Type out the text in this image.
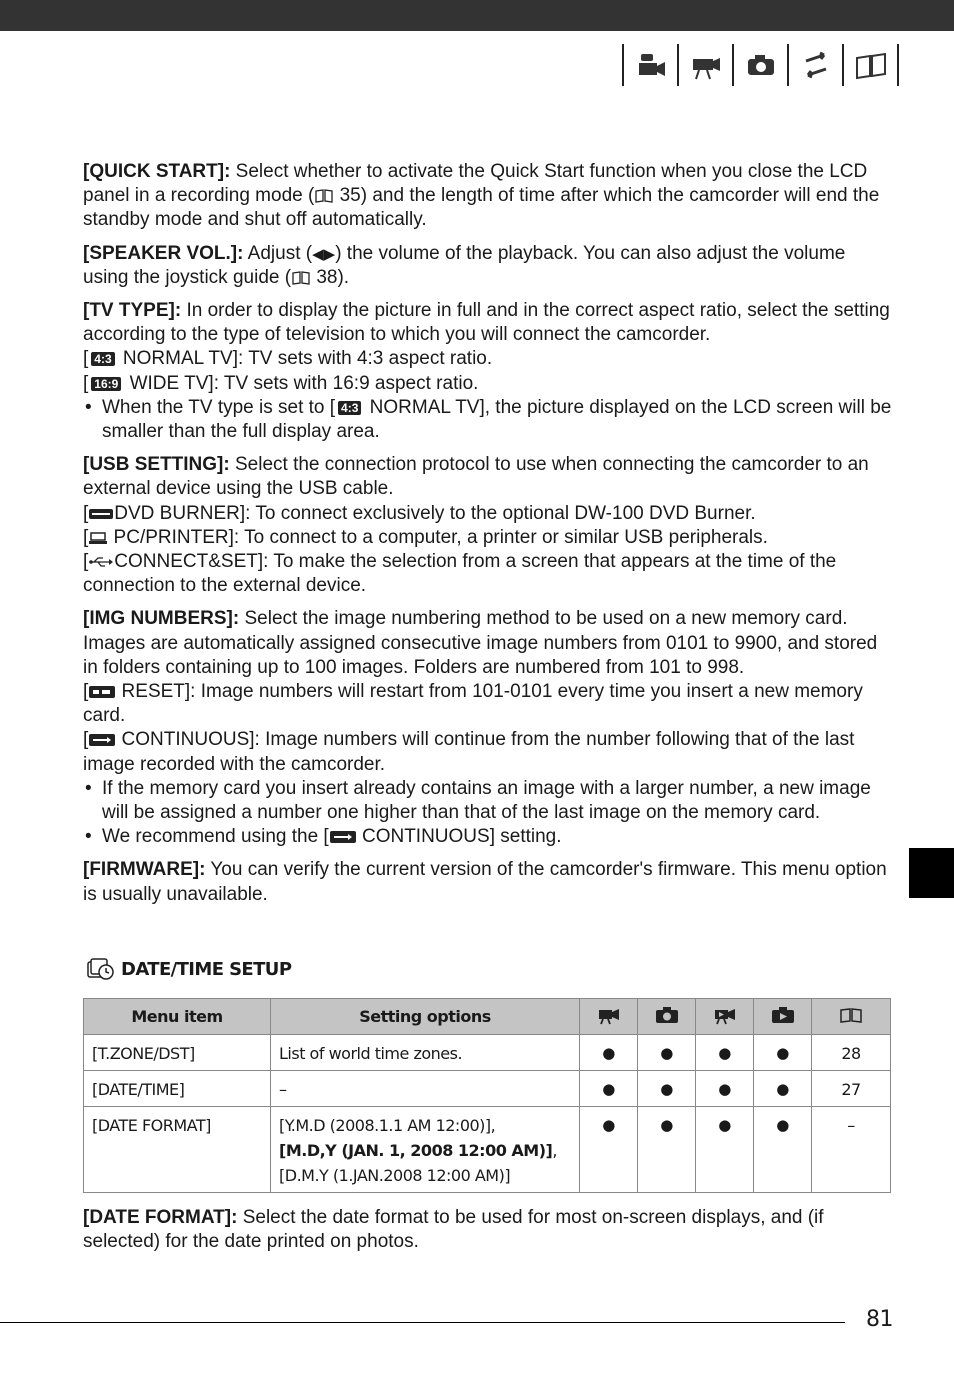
[QUICK START]: Select whether to activate the Quick Start function when you close the LCD panel in a recording mode ( 35) and the length of time after which the camcorder will end the standby mode and shut off automatically.

[SPEAKER VOL.]: Adjust (◀▶) the volume of the playback. You can also adjust the volume using the joystick guide ( 38).

[TV TYPE]: In order to display the picture in full and in the correct aspect ratio, select the setting according to the type of television to which you will connect the camcorder.
[ 4:3 NORMAL TV]: TV sets with 4:3 aspect ratio.
[ 16:9 WIDE TV]: TV sets with 16:9 aspect ratio.
• When the TV type is set to [ 4:3 NORMAL TV], the picture displayed on the LCD screen will be smaller than the full display area.
[USB SETTING]: Select the connection protocol to use when connecting the camcorder to an external device using the USB cable.
[ DVD BURNER]: To connect exclusively to the optional DW-100 DVD Burner.
[ PC/PRINTER]: To connect to a computer, a printer or similar USB peripherals.
[ CONNECT&SET]: To make the selection from a screen that appears at the time of the connection to the external device.
[IMG NUMBERS]: Select the image numbering method to be used on a new memory card. Images are automatically assigned consecutive image numbers from 0101 to 9900, and stored in folders containing up to 100 images. Folders are numbered from 101 to 998.
[ RESET]: Image numbers will restart from 101-0101 every time you insert a new memory card.
[ CONTINUOUS]: Image numbers will continue from the number following that of the last image recorded with the camcorder.
• If the memory card you insert already contains an image with a larger number, a new image will be assigned a number one higher than that of the last image on the memory card.
• We recommend using the [ CONTINUOUS] setting.

[FIRMWARE]: You can verify the current version of the camcorder's firmware. This menu option is usually unavailable.

DATE/TIME SETUP
Menu item	Setting options					
[T.ZONE/DST]	List of world time zones.	●	●	●	●	28
[DATE/TIME]	–	●	●	●	●	27
[DATE FORMAT]	[Y.M.D (2008.1.1 AM 12:00)],
[M.D,Y (JAN. 1, 2008 12:00 AM)],
[D.M.Y (1.JAN.2008 12:00 AM)]	●	●	●	●	–

[DATE FORMAT]: Select the date format to be used for most on-screen displays, and (if selected) for the date printed on photos.

81
